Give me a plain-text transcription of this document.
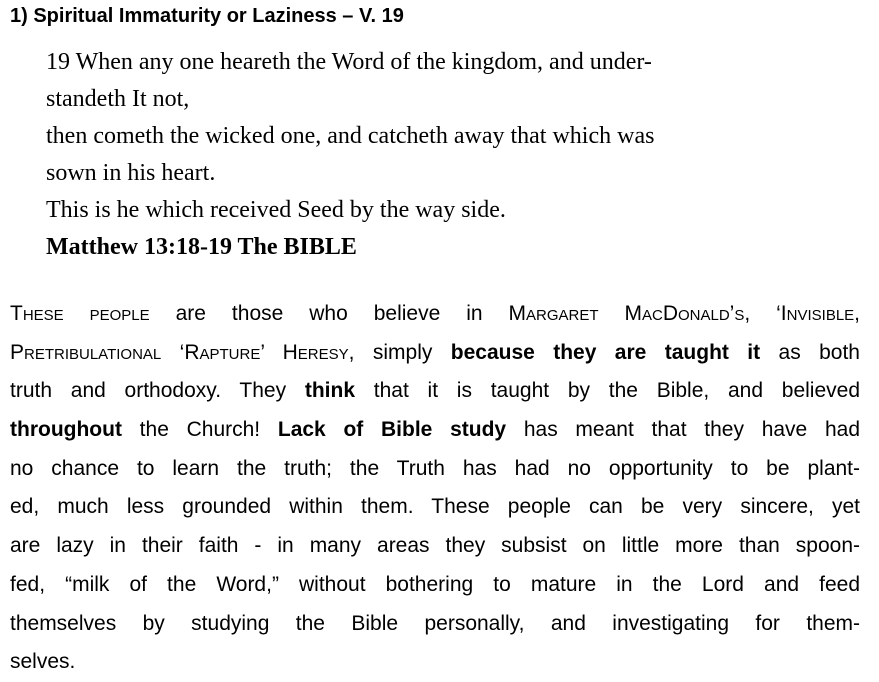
1) Spiritual Immaturity or Laziness – V. 19
19 When any one heareth the Word of the kingdom, and under-
standeth It not,
then cometh the wicked one, and catcheth away that which was
sown in his heart.
This is he which received Seed by the way side.
Matthew 13:18-19 The BIBLE
These people are those who believe in Margaret MacDonald’s, ‘Invisible,
Pretribulational ‘Rapture’ Heresy, simply because they are taught it as both
truth and orthodoxy. They think that it is taught by the Bible, and believed
throughout the Church! Lack of Bible study has meant that they have had
no chance to learn the truth; the Truth has had no opportunity to be plant-
ed, much less grounded within them. These people can be very sincere, yet
are lazy in their faith - in many areas they subsist on little more than spoon-
fed, “milk of the Word,” without bothering to mature in the Lord and feed
themselves by studying the Bible personally, and investigating for them-
selves.
